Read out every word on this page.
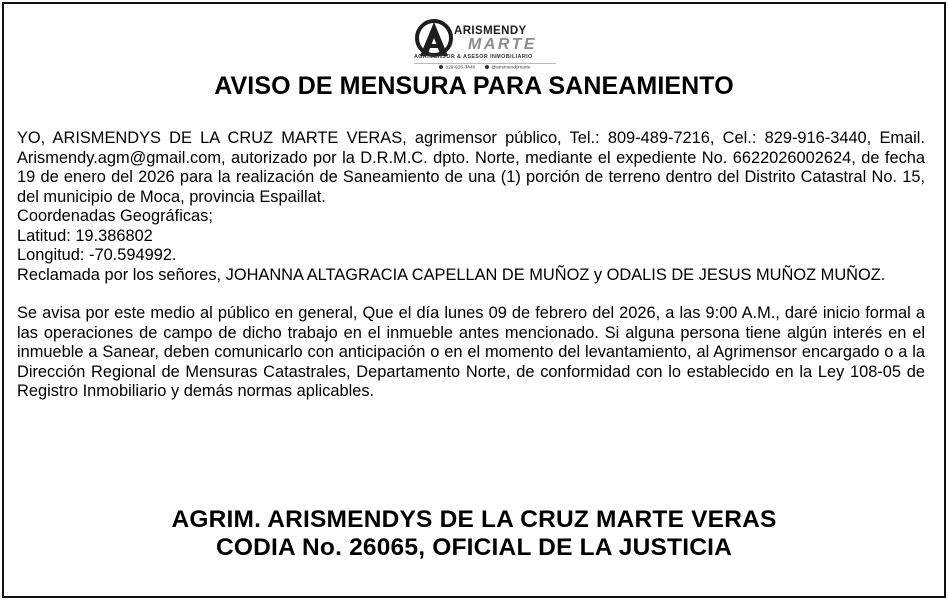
ARISMENDY
MARTE
AGRIMENSOR & ASESOR INMOBILIARIO
829-916-3440	@arismendymarte
AVISO DE MENSURA PARA SANEAMIENTO

YO, ARISMENDYS DE LA CRUZ MARTE VERAS, agrimensor público, Tel.: 809-489-7216, Cel.: 829-916-3440, Email. Arismendy.agm@gmail.com, autorizado por la D.R.M.C. dpto. Norte, mediante el expediente No. 6622026002624, de fecha 19 de enero del 2026 para la realización de Saneamiento de una (1) porción de terreno dentro del Distrito Catastral No. 15, del municipio de Moca, provincia Espaillat.

Coordenadas Geográficas;

Latitud: 19.386802

Longitud: -70.594992.

Reclamada por los señores, JOHANNA ALTAGRACIA CAPELLAN DE MUÑOZ y ODALIS DE JESUS MUÑOZ MUÑOZ.

Se avisa por este medio al público en general, Que el día lunes 09 de febrero del 2026, a las 9:00 A.M., daré inicio formal a las operaciones de campo de dicho trabajo en el inmueble antes mencionado. Si alguna persona tiene algún interés en el inmueble a Sanear, deben comunicarlo con anticipación o en el momento del levantamiento, al Agrimensor encargado o a la Dirección Regional de Mensuras Catastrales, Departamento Norte, de conformidad con lo establecido en la Ley 108-05 de Registro Inmobiliario y demás normas aplicables.

AGRIM. ARISMENDYS DE LA CRUZ MARTE VERAS
CODIA No. 26065, OFICIAL DE LA JUSTICIA
